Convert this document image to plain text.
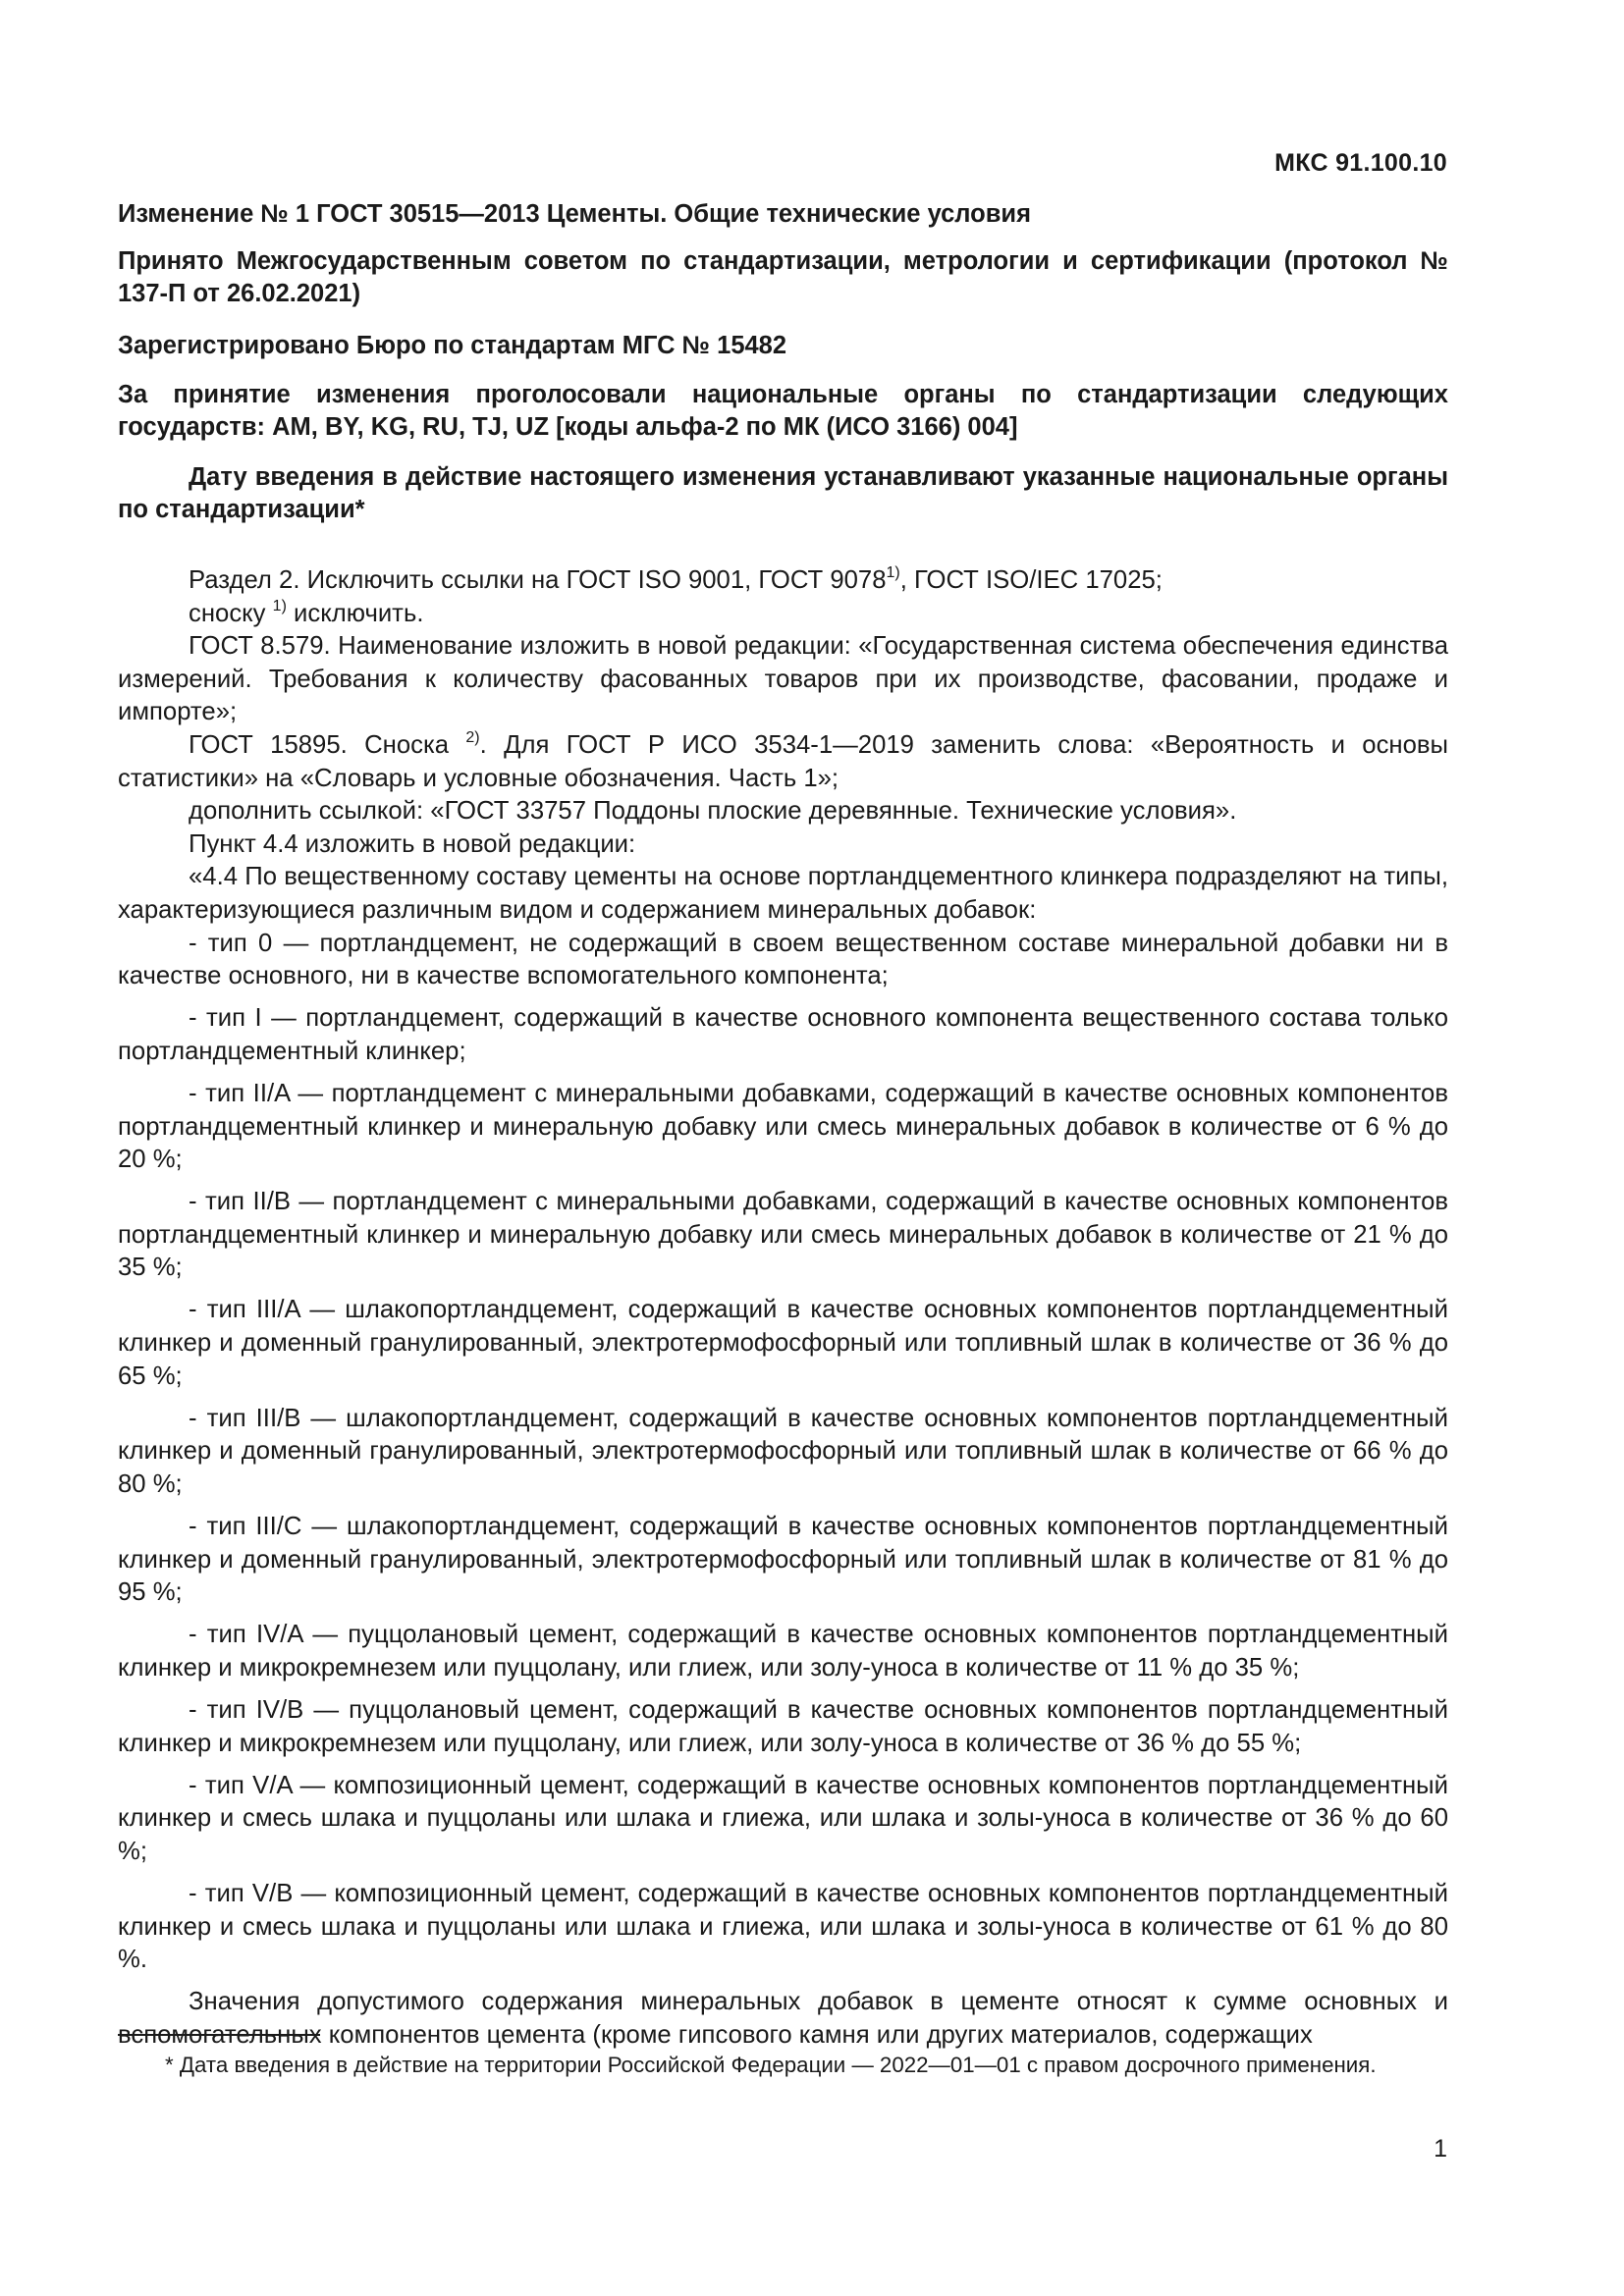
МКС 91.100.10

Изменение № 1 ГОСТ 30515—2013 Цементы. Общие технические условия

Принято Межгосударственным советом по стандартизации, метрологии и сертификации (протокол № 137-П от 26.02.2021)

Зарегистрировано Бюро по стандартам МГС № 15482

За принятие изменения проголосовали национальные органы по стандартизации следующих государств: AM, BY, KG, RU, TJ, UZ [коды альфа-2 по МК (ИСО 3166) 004]

Дату введения в действие настоящего изменения устанавливают указанные национальные органы по стандартизации*

Раздел 2. Исключить ссылки на ГОСТ ISO 9001, ГОСТ 9078$^{1)}$, ГОСТ ISO/IEC 17025;

сноску $^{1)}$ исключить.

ГОСТ 8.579. Наименование изложить в новой редакции: «Государственная система обеспечения единства измерений. Требования к количеству фасованных товаров при их производстве, фасовании, продаже и импорте»;

ГОСТ 15895. Сноска $^{2)}$. Для ГОСТ Р ИСО 3534-1—2019 заменить слова: «Вероятность и основы статистики» на «Словарь и условные обозначения. Часть 1»;

дополнить ссылкой: «ГОСТ 33757 Поддоны плоские деревянные. Технические условия».

Пункт 4.4 изложить в новой редакции:

«4.4 По вещественному составу цементы на основе портландцементного клинкера подразделяют на типы, характеризующиеся различным видом и содержанием минеральных добавок:

- тип 0 — портландцемент, не содержащий в своем вещественном составе минеральной добавки ни в качестве основного, ни в качестве вспомогательного компонента;

- тип I — портландцемент, содержащий в качестве основного компонента вещественного состава только портландцементный клинкер;

- тип II/A — портландцемент с минеральными добавками, содержащий в качестве основных компонентов портландцементный клинкер и минеральную добавку или смесь минеральных добавок в количестве от 6 % до 20 %;

- тип II/B — портландцемент с минеральными добавками, содержащий в качестве основных компонентов портландцементный клинкер и минеральную добавку или смесь минеральных добавок в количестве от 21 % до 35 %;

- тип III/A — шлакопортландцемент, содержащий в качестве основных компонентов портландцементный клинкер и доменный гранулированный, электротермофосфорный или топливный шлак в количестве от 36 % до 65 %;

- тип III/B — шлакопортландцемент, содержащий в качестве основных компонентов портландцементный клинкер и доменный гранулированный, электротермофосфорный или топливный шлак в количестве от 66 % до 80 %;

- тип III/C — шлакопортландцемент, содержащий в качестве основных компонентов портландцементный клинкер и доменный гранулированный, электротермофосфорный или топливный шлак в количестве от 81 % до 95 %;

- тип IV/A — пуццолановый цемент, содержащий в качестве основных компонентов портландцементный клинкер и микрокремнезем или пуццолану, или глиеж, или золу-уноса в количестве от 11 % до 35 %;

- тип IV/B — пуццолановый цемент, содержащий в качестве основных компонентов портландцементный клинкер и микрокремнезем или пуццолану, или глиеж, или золу-уноса в количестве от 36 % до 55 %;

- тип V/A — композиционный цемент, содержащий в качестве основных компонентов портландцементный клинкер и смесь шлака и пуццоланы или шлака и глиежа, или шлака и золы-уноса в количестве от 36 % до 60 %;

- тип V/B — композиционный цемент, содержащий в качестве основных компонентов портландцементный клинкер и смесь шлака и пуццоланы или шлака и глиежа, или шлака и золы-уноса в количестве от 61 % до 80 %.

Значения допустимого содержания минеральных добавок в цементе относят к сумме основных и вспомогательных компонентов цемента (кроме гипсового камня или других материалов, содержащих

* Дата введения в действие на территории Российской Федерации — 2022—01—01 с правом досрочного применения.

1
